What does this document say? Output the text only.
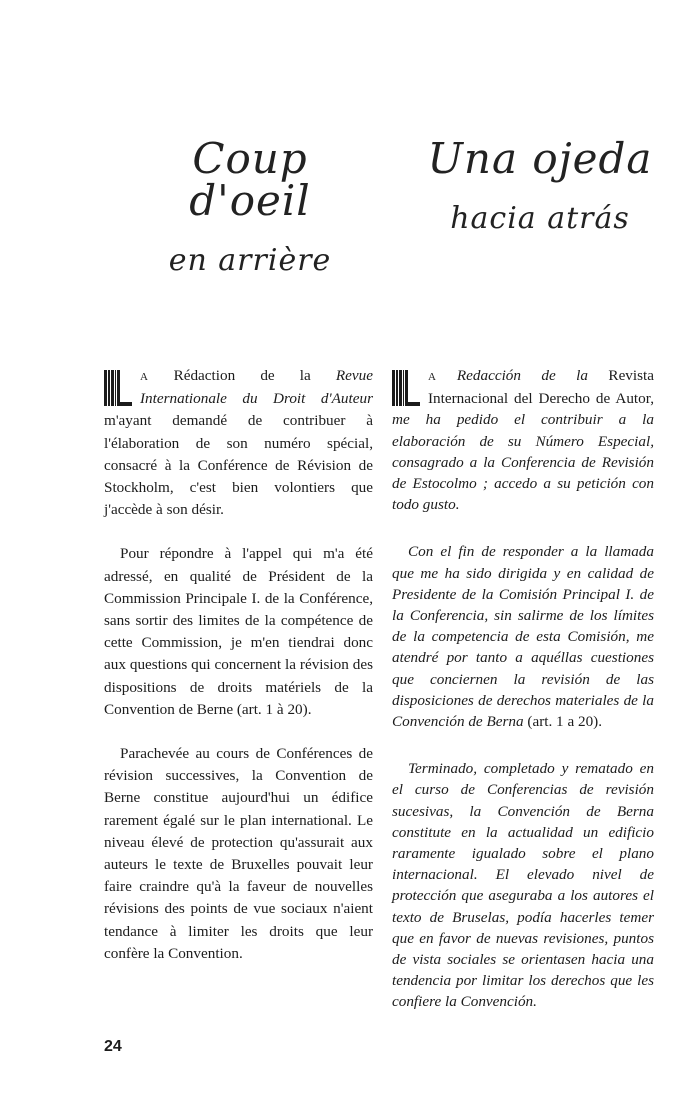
Coup d'oeil
en arrière
Una ojeda
hacia atrás

A Rédaction de la Revue Internationale du Droit d'Auteur m'ayant demandé de contribuer à l'élaboration de son numéro spécial, consacré à la Conférence de Révision de Stockholm, c'est bien volontiers que j'accède à son désir.

Pour répondre à l'appel qui m'a été adressé, en qualité de Président de la Commission Principale I. de la Conférence, sans sortir des limites de la compétence de cette Commission, je m'en tiendrai donc aux questions qui concernent la révision des dispositions de droits matériels de la Convention de Berne (art. 1 à 20).

Parachevée au cours de Conférences de révision successives, la Convention de Berne constitue aujourd'hui un édifice rarement égalé sur le plan international. Le niveau élevé de protection qu'assurait aux auteurs le texte de Bruxelles pouvait leur faire craindre qu'à la faveur de nouvelles révisions des points de vue sociaux n'aient tendance à limiter les droits que leur confère la Convention.

A Redacción de la Revista Internacional del Derecho de Autor, me ha pedido el contribuir a la elaboración de su Número Especial, consagrado a la Conferencia de Revisión de Estocolmo ; accedo a su petición con todo gusto.

Con el fin de responder a la llamada que me ha sido dirigida y en calidad de Presidente de la Comisión Principal I. de la Conferencia, sin salirme de los límites de la competencia de esta Comisión, me atendré por tanto a aquéllas cuestiones que conciernen la revisión de las disposiciones de derechos materiales de la Convención de Berna (art. 1 a 20).

Terminado, completado y rematado en el curso de Conferencias de revisión sucesivas, la Convención de Berna constitute en la actualidad un edificio raramente igualado sobre el plano internacional. El elevado nivel de protección que aseguraba a los autores el texto de Bruselas, podía hacerles temer que en favor de nuevas revisiones, puntos de vista sociales se orientasen hacia una tendencia por limitar los derechos que les confiere la Convención.

24
